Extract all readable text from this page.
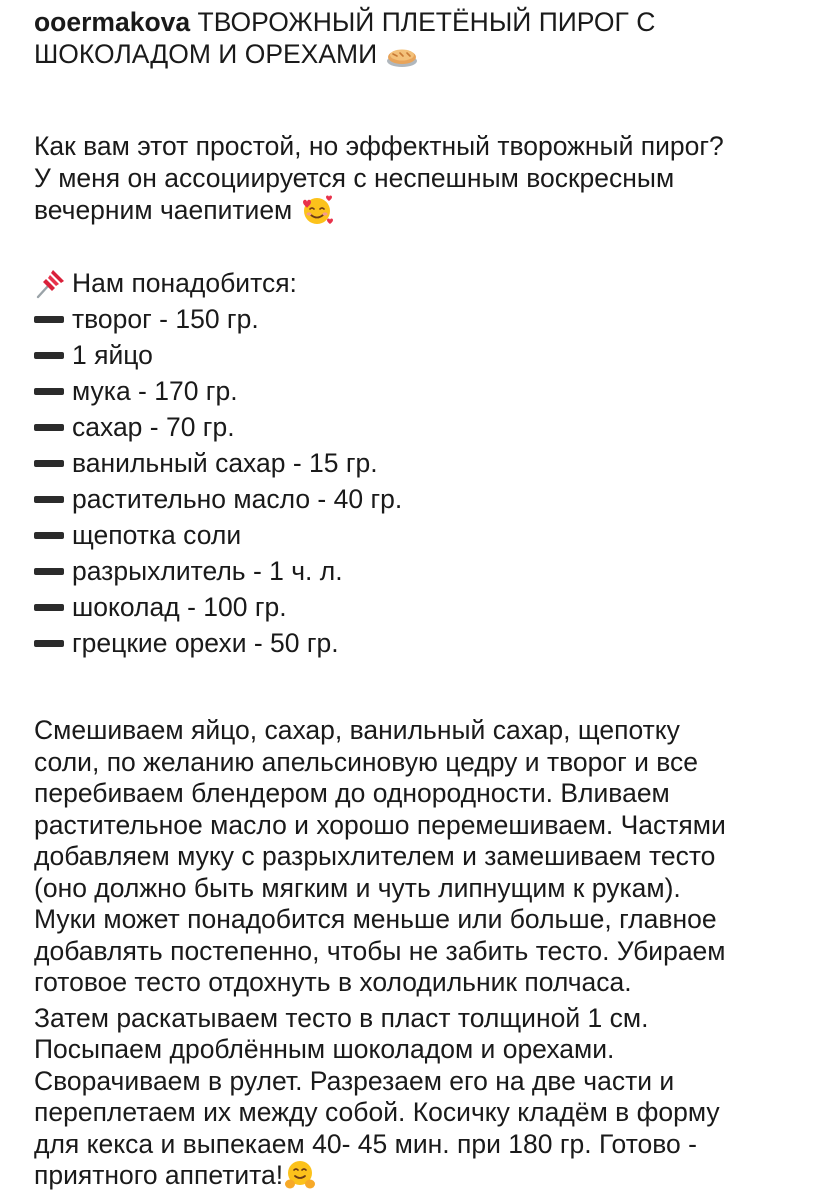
ooermakova ТВОРОЖНЫЙ ПЛЕТЁНЫЙ ПИРОГ С
ШОКОЛАДОМ И ОРЕХАМИ
Как вам этот простой, но эффектный творожный пирог?
У меня он ассоциируется с неспешным воскресным
вечерним чаепитием
Нам понадобится:
творог - 150 гр.
1 яйцо
мука - 170 гр.
сахар - 70 гр.
ванильный сахар - 15 гр.
растительно масло - 40 гр.
щепотка соли
разрыхлитель - 1 ч. л.
шоколад - 100 гр.
грецкие орехи - 50 гр.
Смешиваем яйцо, сахар, ванильный сахар, щепотку
соли, по желанию апельсиновую цедру и творог и все
перебиваем блендером до однородности. Вливаем
растительное масло и хорошо перемешиваем. Частями
добавляем муку с разрыхлителем и замешиваем тесто
(оно должно быть мягким и чуть липнущим к рукам).
Муки может понадобится меньше или больше, главное
добавлять постепенно, чтобы не забить тесто. Убираем
готовое тесто отдохнуть в холодильник полчаса.
Затем раскатываем тесто в пласт толщиной 1 см.
Посыпаем дроблённым шоколадом и орехами.
Сворачиваем в рулет. Разрезаем его на две части и
переплетаем их между собой. Косичку кладём в форму
для кекса и выпекаем 40- 45 мин. при 180 гр. Готово -
приятного аппетита!
